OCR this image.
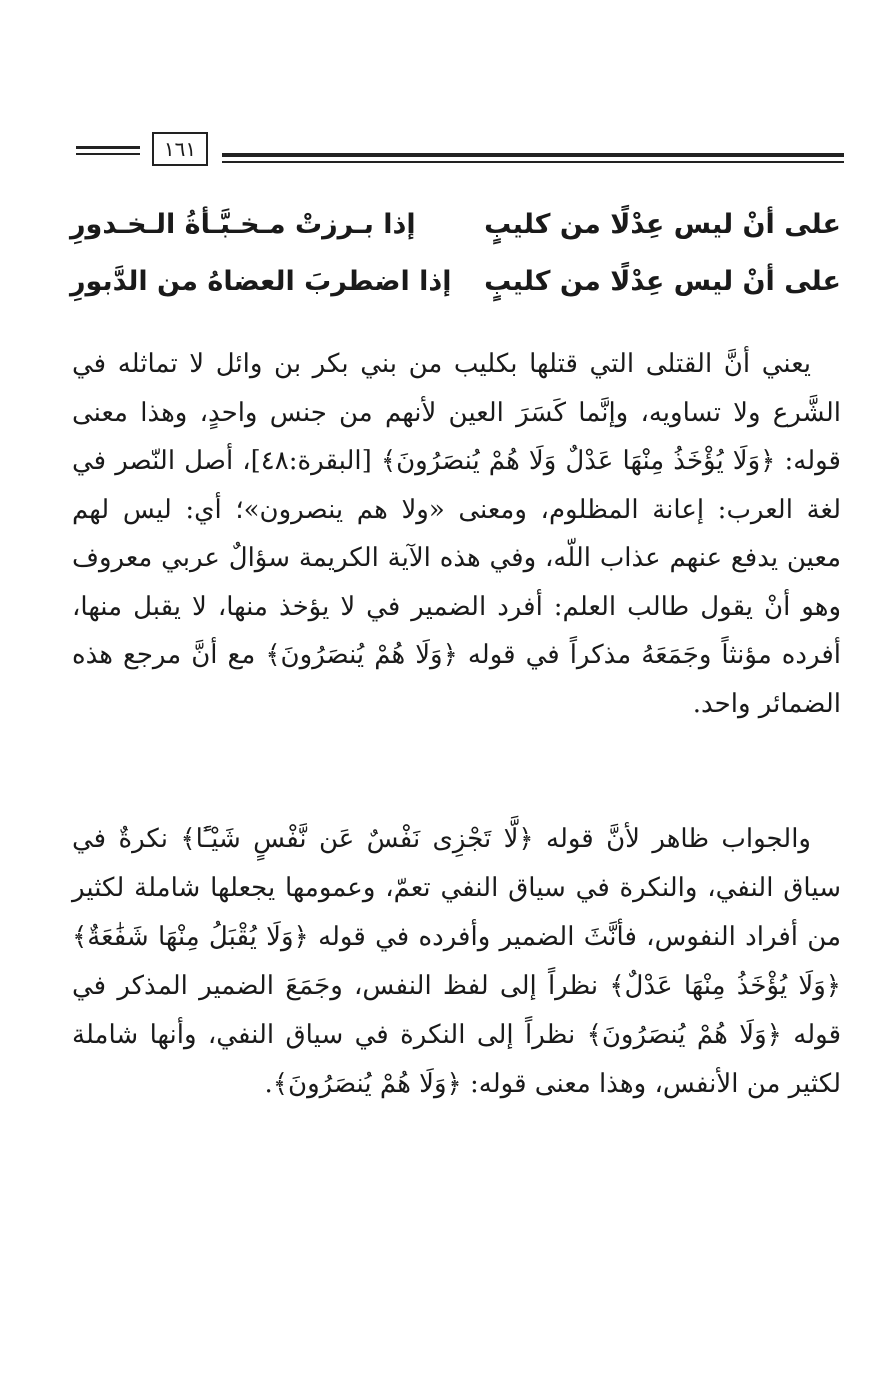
١٦١
على أنْ ليس عِدْلًا من كليبٍ
إذا بـرزتْ مـخـبَّـأةُ الـخـدورِ
على أنْ ليس عِدْلًا من كليبٍ
إذا اضطربَ العضاهُ من الدَّبورِ

يعني أنَّ القتلى التي قتلها بكليب من بني بكر بن وائل لا تماثله في الشَّرع ولا تساويه، وإنَّما كَسَرَ العين لأنهم من جنس واحدٍ، وهذا معنى قوله: ﴿وَلَا يُؤْخَذُ مِنْهَا عَدْلٌ وَلَا هُمْ يُنصَرُونَ﴾ [البقرة:٤٨]، أصل النّصر في لغة العرب: إعانة المظلوم، ومعنى «ولا هم ينصرون»؛ أي: ليس لهم معين يدفع عنهم عذاب اللّه، وفي هذه الآية الكريمة سؤالٌ عربي معروف وهو أنْ يقول طالب العلم: أفرد الضمير في لا يؤخذ منها، لا يقبل منها، أفرده مؤنثاً وجَمَعَهُ مذكراً في قوله ﴿وَلَا هُمْ يُنصَرُونَ﴾ مع أنَّ مرجع هذه الضمائر واحد.

والجواب ظاهر لأنَّ قوله ﴿لَّا تَجْزِى نَفْسٌ عَن نَّفْسٍ شَيْـًٔا﴾ نكرةٌ في سياق النفي، والنكرة في سياق النفي تعمّ، وعمومها يجعلها شاملة لكثير من أفراد النفوس، فأنَّثَ الضمير وأفرده في قوله ﴿وَلَا يُقْبَلُ مِنْهَا شَفَٰعَةٌ﴾ ﴿وَلَا يُؤْخَذُ مِنْهَا عَدْلٌ﴾ نظراً إلى لفظ النفس، وجَمَعَ الضمير المذكر في قوله ﴿وَلَا هُمْ يُنصَرُونَ﴾ نظراً إلى النكرة في سياق النفي، وأنها شاملة لكثير من الأنفس، وهذا معنى قوله: ﴿وَلَا هُمْ يُنصَرُونَ﴾.
